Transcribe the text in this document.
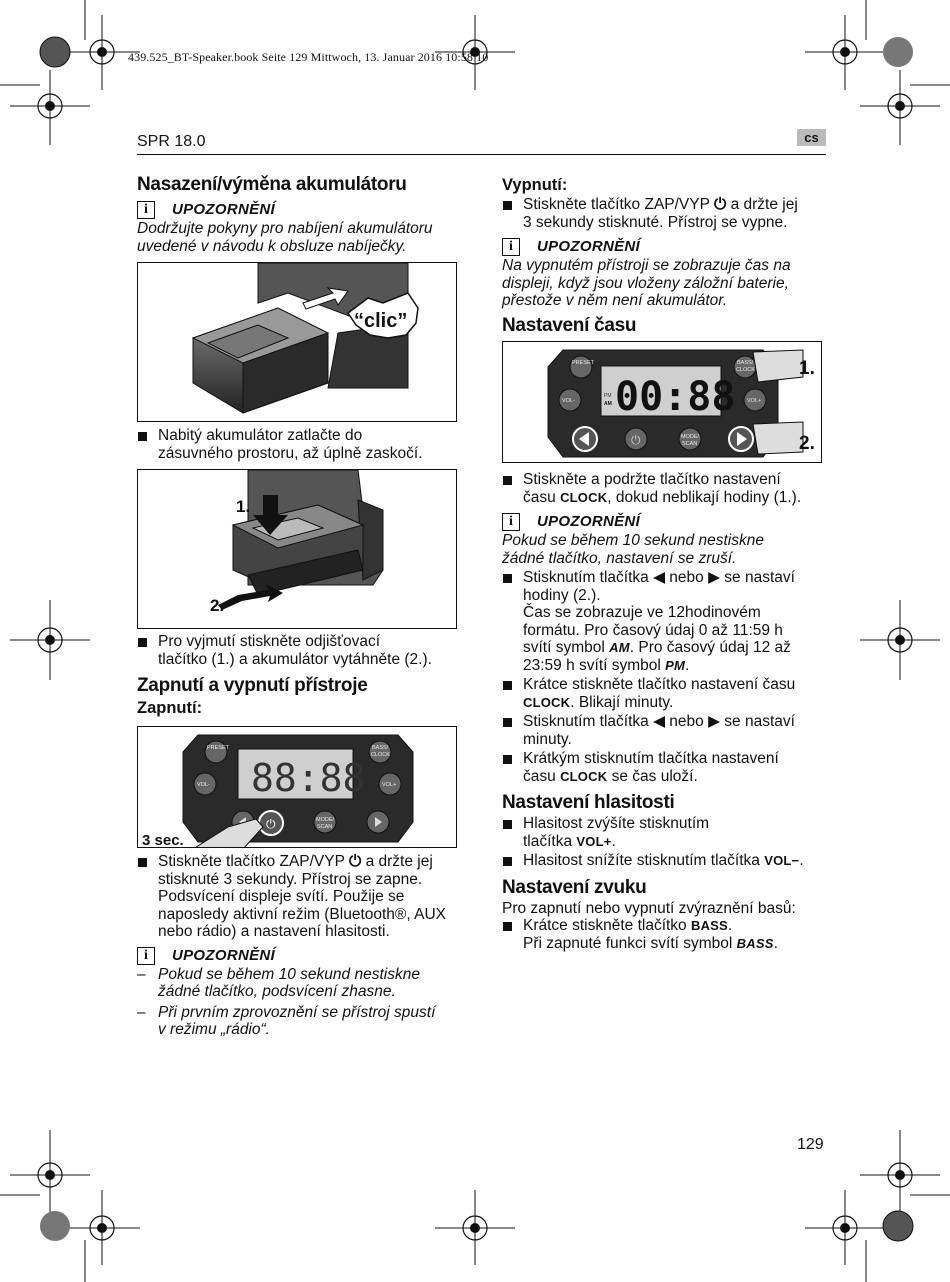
439.525_BT-Speaker.book Seite 129 Mittwoch, 13. Januar 2016 10:58 10
SPR 18.0	cs
Nasazení/výměna akumulátoru
i	UPOZORNĚNÍ
Dodržujte pokyny pro nabíjení akumulátoru
uvedené v návodu k obsluze nabíječky.
“clic”
Nabitý akumulátor zatlačte do
zásuvného prostoru, až úplně zaskočí.
1.
2.
Pro vyjmutí stiskněte odjišťovací
tlačítko (1.) a akumulátor vytáhněte (2.).
Zapnutí a vypnutí přístroje
Zapnutí:
88:88
⏻
PRESET	BASS/
CLOCK
VOL-	VOL+
MODE/
SCAN
3 sec.
Stiskněte tlačítko ZAP/VYP ⏻ a držte jej
stisknuté 3 sekundy. Přístroj se zapne.
Podsvícení displeje svítí. Použije se
naposledy aktivní režim (Bluetooth®, AUX
nebo rádio) a nastavení hlasitosti.
i	UPOZORNĚNÍ
– Pokud se během 10 sekund nestiskne
žádné tlačítko, podsvícení zhasne.
– Při prvním zprovoznění se přístroj spustí
v režimu „rádio“.
Vypnutí:
Stiskněte tlačítko ZAP/VYP ⏻ a držte jej
3 sekundy stisknuté. Přístroj se vypne.
i	UPOZORNĚNÍ
Na vypnutém přístroji se zobrazuje čas na
displeji, když jsou vloženy záložní baterie,
přestože v něm není akumulátor.
Nastavení času
00:88
PM
AM
⏻
PRESET	BASS/
CLOCK
VOL-	VOL+
MODE/
SCAN
1.
2.
Stiskněte a podržte tlačítko nastavení
času CLOCK, dokud neblikají hodiny (1.).
i	UPOZORNĚNÍ
Pokud se během 10 sekund nestiskne
žádné tlačítko, nastavení se zruší.
Stisknutím tlačítka ◀ nebo ▶ se nastaví
hodiny (2.).
Čas se zobrazuje ve 12hodinovém
formátu. Pro časový údaj 0 až 11:59 h
svítí symbol AM. Pro časový údaj 12 až
23:59 h svítí symbol PM.
Krátce stiskněte tlačítko nastavení času
CLOCK. Blikají minuty.
Stisknutím tlačítka ◀ nebo ▶ se nastaví
minuty.
Krátkým stisknutím tlačítka nastavení
času CLOCK se čas uloží.
Nastavení hlasitosti
Hlasitost zvýšíte stisknutím
tlačítka VOL+.
Hlasitost snížíte stisknutím tlačítka VOL−.
Nastavení zvuku
Pro zapnutí nebo vypnutí zvýraznění basů:
Krátce stiskněte tlačítko BASS.
Při zapnuté funkci svítí symbol BASS.
129
